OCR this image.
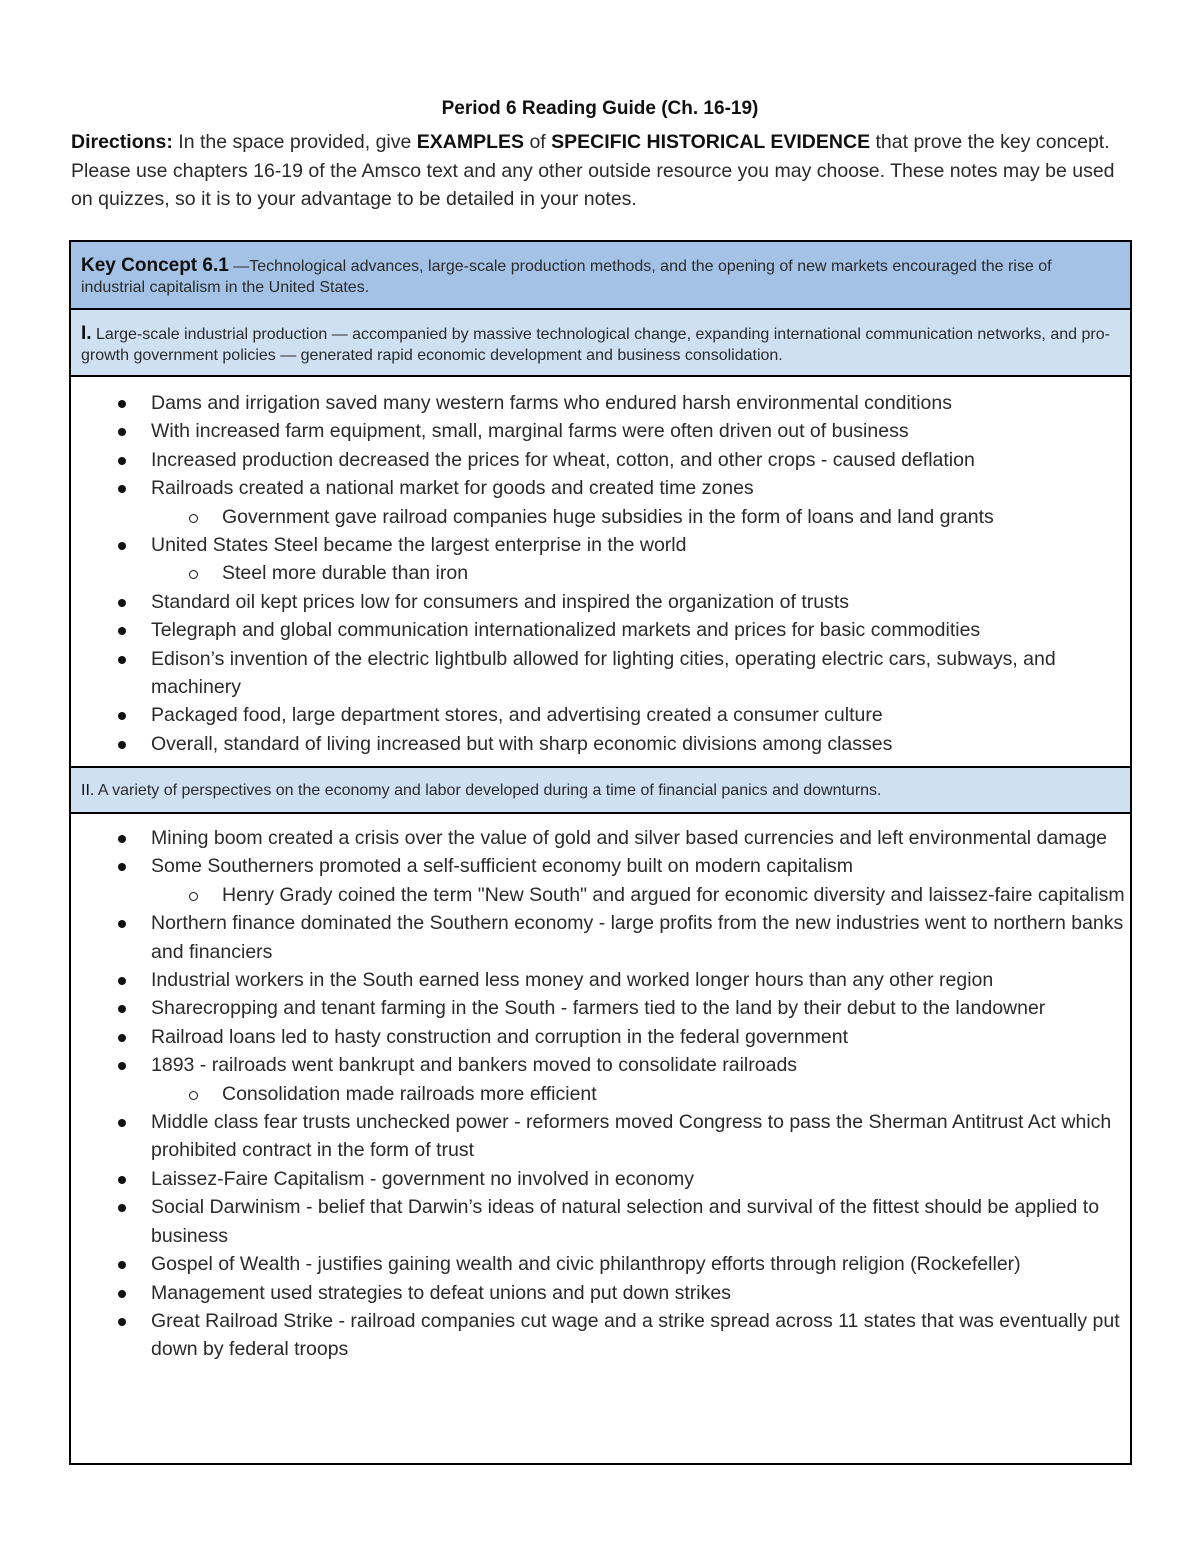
Period 6 Reading Guide (Ch. 16-19)
Directions: In the space provided, give EXAMPLES of SPECIFIC HISTORICAL EVIDENCE that prove the key concept. Please use chapters 16-19 of the Amsco text and any other outside resource you may choose. These notes may be used on quizzes, so it is to your advantage to be detailed in your notes.
Key Concept 6.1 —Technological advances, large-scale production methods, and the opening of new markets encouraged the rise of industrial capitalism in the United States.
I. Large-scale industrial production — accompanied by massive technological change, expanding international communication networks, and pro-growth government policies — generated rapid economic development and business consolidation.
Dams and irrigation saved many western farms who endured harsh environmental conditions
With increased farm equipment, small, marginal farms were often driven out of business
Increased production decreased the prices for wheat, cotton, and other crops - caused deflation
Railroads created a national market for goods and created time zones
Government gave railroad companies huge subsidies in the form of loans and land grants
United States Steel became the largest enterprise in the world
Steel more durable than iron
Standard oil kept prices low for consumers and inspired the organization of trusts
Telegraph and global communication internationalized markets and prices for basic commodities
Edison’s invention of the electric lightbulb allowed for lighting cities, operating electric cars, subways, and machinery
Packaged food, large department stores, and advertising created a consumer culture
Overall, standard of living increased but with sharp economic divisions among classes
II. A variety of perspectives on the economy and labor developed during a time of financial panics and downturns.
Mining boom created a crisis over the value of gold and silver based currencies and left environmental damage
Some Southerners promoted a self-sufficient economy built on modern capitalism
Henry Grady coined the term "New South" and argued for economic diversity and laissez-faire capitalism
Northern finance dominated the Southern economy - large profits from the new industries went to northern banks and financiers
Industrial workers in the South earned less money and worked longer hours than any other region
Sharecropping and tenant farming in the South - farmers tied to the land by their debut to the landowner
Railroad loans led to hasty construction and corruption in the federal government
1893 - railroads went bankrupt and bankers moved to consolidate railroads
Consolidation made railroads more efficient
Middle class fear trusts unchecked power - reformers moved Congress to pass the Sherman Antitrust Act which prohibited contract in the form of trust
Laissez-Faire Capitalism - government no involved in economy
Social Darwinism - belief that Darwin’s ideas of natural selection and survival of the fittest should be applied to business
Gospel of Wealth - justifies gaining wealth and civic philanthropy efforts through religion (Rockefeller)
Management used strategies to defeat unions and put down strikes
Great Railroad Strike - railroad companies cut wage and a strike spread across 11 states that was eventually put down by federal troops
